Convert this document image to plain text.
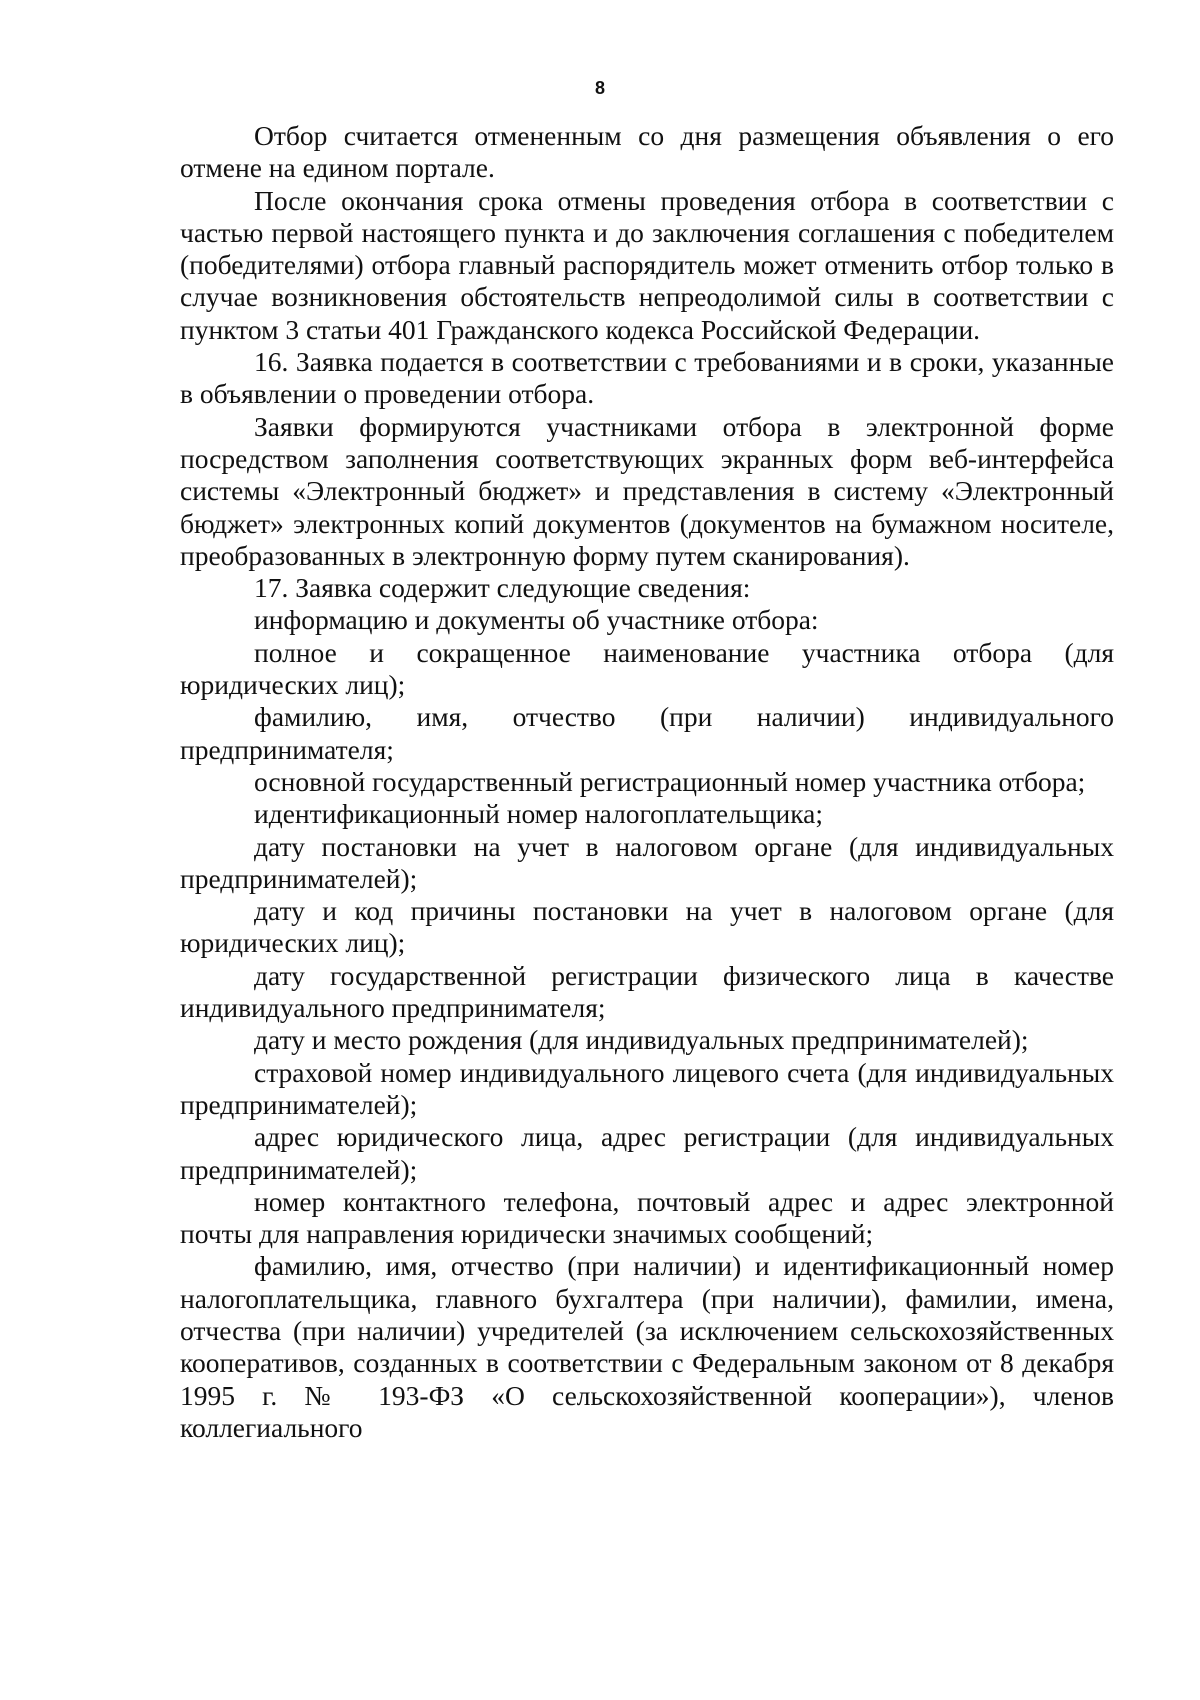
8

Отбор считается отмененным со дня размещения объявления о его отмене на едином портале.

После окончания срока отмены проведения отбора в соответствии с частью первой настоящего пункта и до заключения соглашения с победителем (победителями) отбора главный распорядитель может отменить отбор только в случае возникновения обстоятельств непреодолимой силы в соответствии с пунктом 3 статьи 401 Гражданского кодекса Российской Федерации.

16. Заявка подается в соответствии с требованиями и в сроки, указанные в объявлении о проведении отбора.

Заявки формируются участниками отбора в электронной форме посредством заполнения соответствующих экранных форм веб-интерфейса системы «Электронный бюджет» и представления в систему «Электронный бюджет» электронных копий документов (документов на бумажном носителе, преобразованных в электронную форму путем сканирования).

17. Заявка содержит следующие сведения:

информацию и документы об участнике отбора:

полное и сокращенное наименование участника отбора (для юридических лиц);

фамилию, имя, отчество (при наличии) индивидуального предпринимателя;

основной государственный регистрационный номер участника отбора;

идентификационный номер налогоплательщика;

дату постановки на учет в налоговом органе (для индивидуальных предпринимателей);

дату и код причины постановки на учет в налоговом органе (для юридических лиц);

дату государственной регистрации физического лица в качестве индивидуального предпринимателя;

дату и место рождения (для индивидуальных предпринимателей);

страховой номер индивидуального лицевого счета (для индивидуальных предпринимателей);

адрес юридического лица, адрес регистрации (для индивидуальных предпринимателей);

номер контактного телефона, почтовый адрес и адрес электронной почты для направления юридически значимых сообщений;

фамилию, имя, отчество (при наличии) и идентификационный номер налогоплательщика, главного бухгалтера (при наличии), фамилии, имена, отчества (при наличии) учредителей (за исключением сельскохозяйственных кооперативов, созданных в соответствии с Федеральным законом от 8 декабря 1995 г. № 193-ФЗ «О сельскохозяйственной кооперации»), членов коллегиального
